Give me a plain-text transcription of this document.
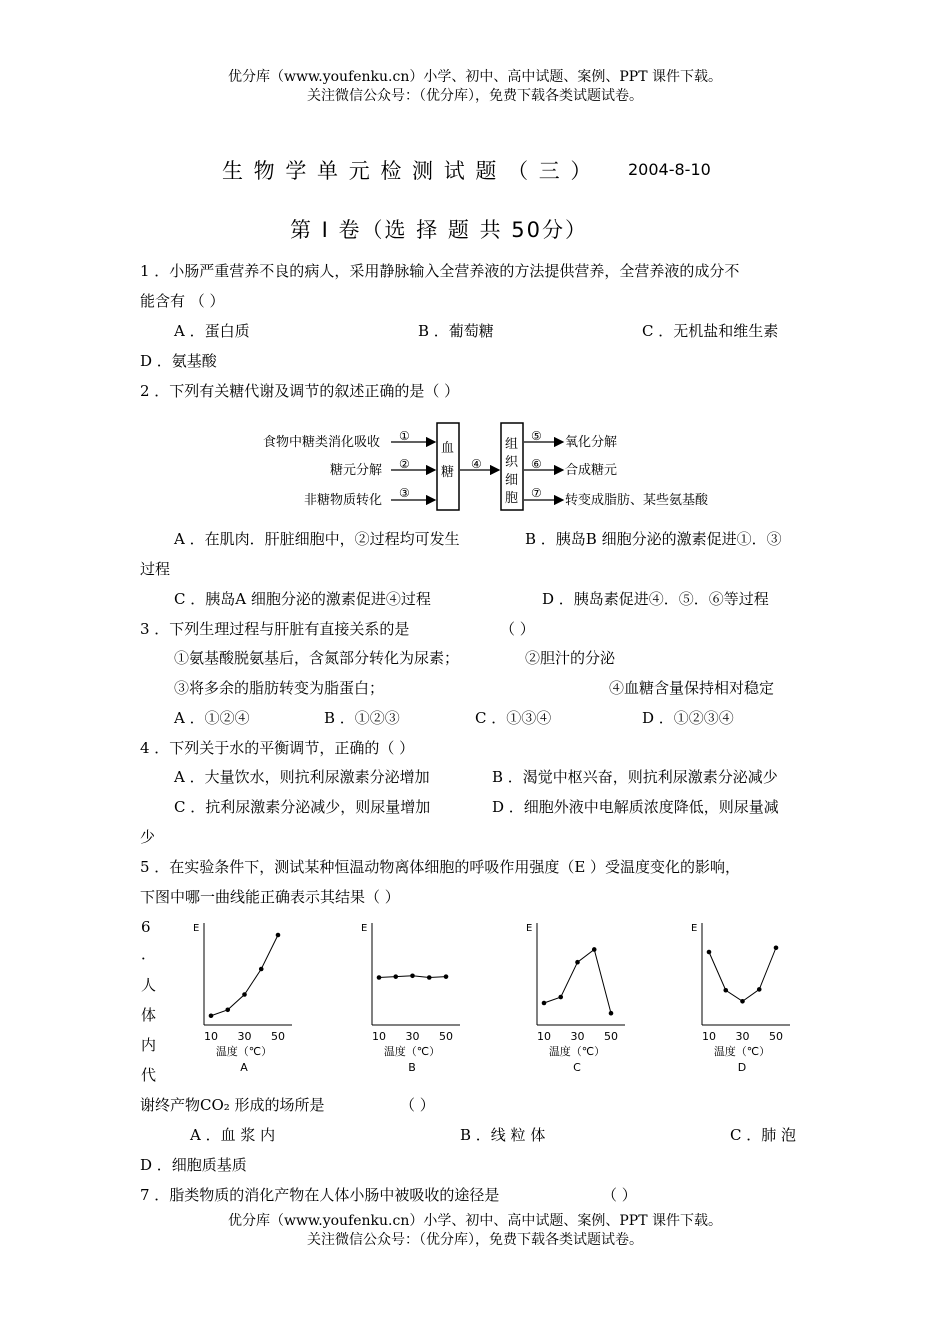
优分库（www.youfenku.cn）小学、初中、高中试题、案例、PPT 课件下载。
关注微信公众号：（优分库），免费下载各类试题试卷。
生 物 学 单 元 检 测 试 题 （ 三 ） 2004-8-10
第 Ⅰ 卷（选 择 题 共 50分）
1 ．小肠严重营养不良的病人，采用静脉输入全营养液的方法提供营养，全营养液的成分不
能含有 （ ）
A ．蛋白质	B ．葡萄糖	C ．无机盐和维生素
D ．氨基酸
2 ．下列有关糖代谢及调节的叙述正确的是（ ）
食物中糖类消化吸收
糖元分解
非糖物质转化
①
②
③
血
糖
④
组
织
细
胞
⑤
⑥
⑦
氧化分解
合成糖元
转变成脂肪、某些氨基酸
A ．在肌肉．肝脏细胞中，②过程均可发生	B ．胰岛B 细胞分泌的激素促进①．③
过程
C ．胰岛A 细胞分泌的激素促进④过程	D ．胰岛素促进④．⑤．⑥等过程
3 ．下列生理过程与肝脏有直接关系的是	（ ）
①氨基酸脱氨基后，含氮部分转化为尿素；	②胆汁的分泌
③将多余的脂肪转变为脂蛋白；	④血糖含量保持相对稳定
A ．①②④	B ．①②③	C ．①③④	D ．①②③④
4 ．下列关于水的平衡调节，正确的（ ）
A ．大量饮水，则抗利尿激素分泌增加	B ．渴觉中枢兴奋，则抗利尿激素分泌减少
C ．抗利尿激素分泌减少，则尿量增加	D ．细胞外液中电解质浓度降低，则尿量减
少
5 ．在实验条件下，测试某种恒温动物离体细胞的呼吸作用强度（E ）受温度变化的影响，
下图中哪一曲线能正确表示其结果（ ）
6
．
人
体
内
代
E
10 30 50
温度（℃）
A
E
10 30 50
温度（℃）
B
E
10 30 50
温度（℃）
C
E
10 30 50
温度（℃）
D
谢终产物CO₂ 形成的场所是	（ ）
A ．血 浆 内	B ．线 粒 体	C ．肺 泡
D ．细胞质基质
7 ．脂类物质的消化产物在人体小肠中被吸收的途径是	（ ）
优分库（www.youfenku.cn）小学、初中、高中试题、案例、PPT 课件下载。
关注微信公众号：（优分库），免费下载各类试题试卷。
